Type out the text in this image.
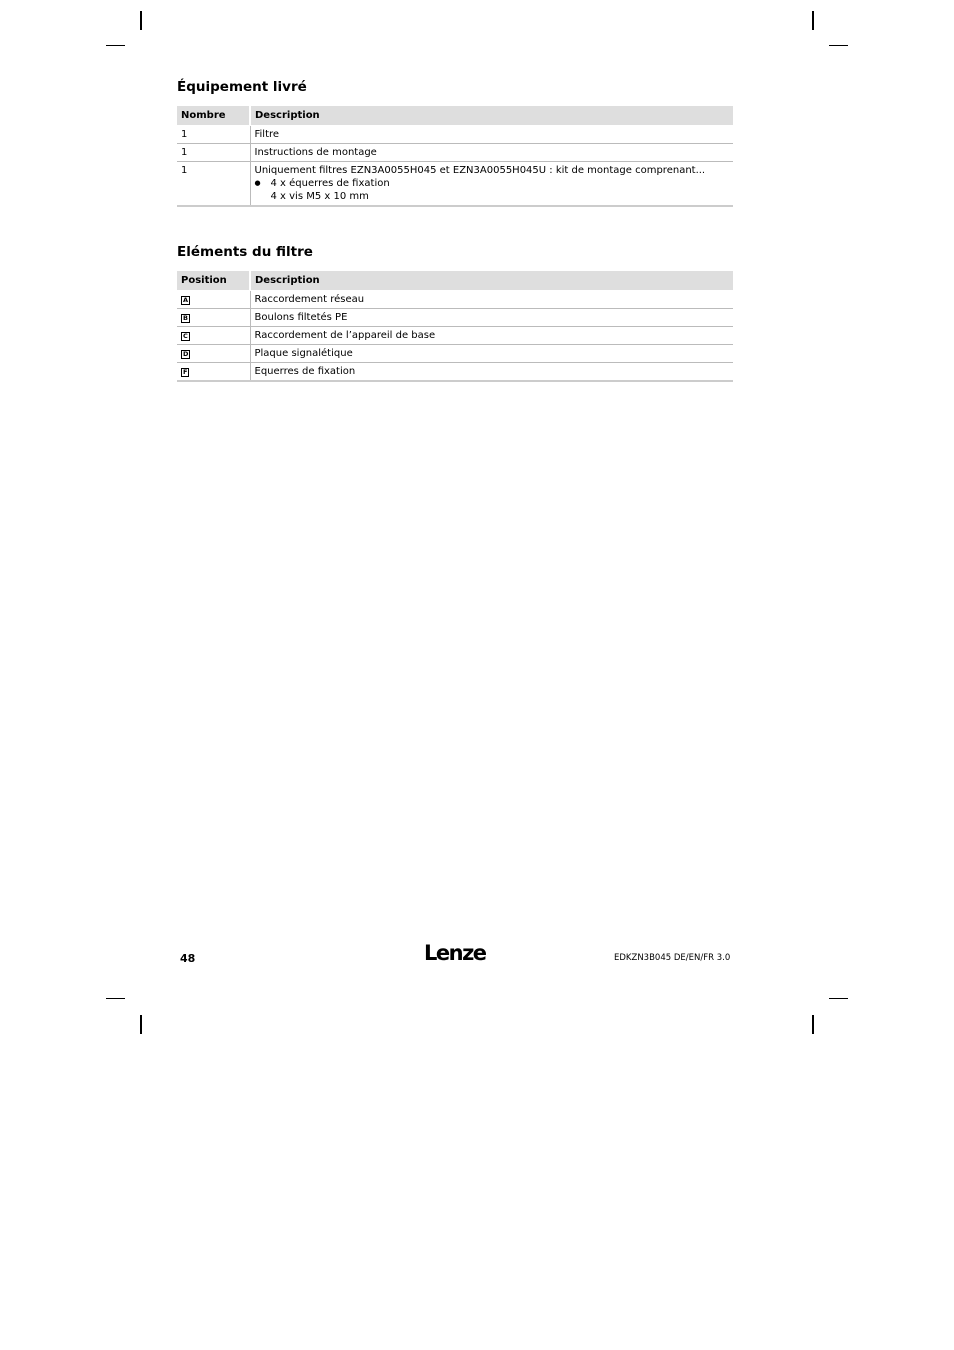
Équipement livré
Nombre	Description
1	Filtre
1	Instructions de montage
1	Uniquement filtres EZN3A0055H045 et EZN3A0055H045U : kit de montage comprenant...
● 4 x équerres de fixation
4 x vis M5 x 10 mm
Eléments du filtre
Position	Description
A	Raccordement réseau
B	Boulons filtetés PE
C	Raccordement de l’appareil de base
D	Plaque signalétique
F	Equerres de fixation
48	Lenze	EDKZN3B045 DE/EN/FR 3.0
